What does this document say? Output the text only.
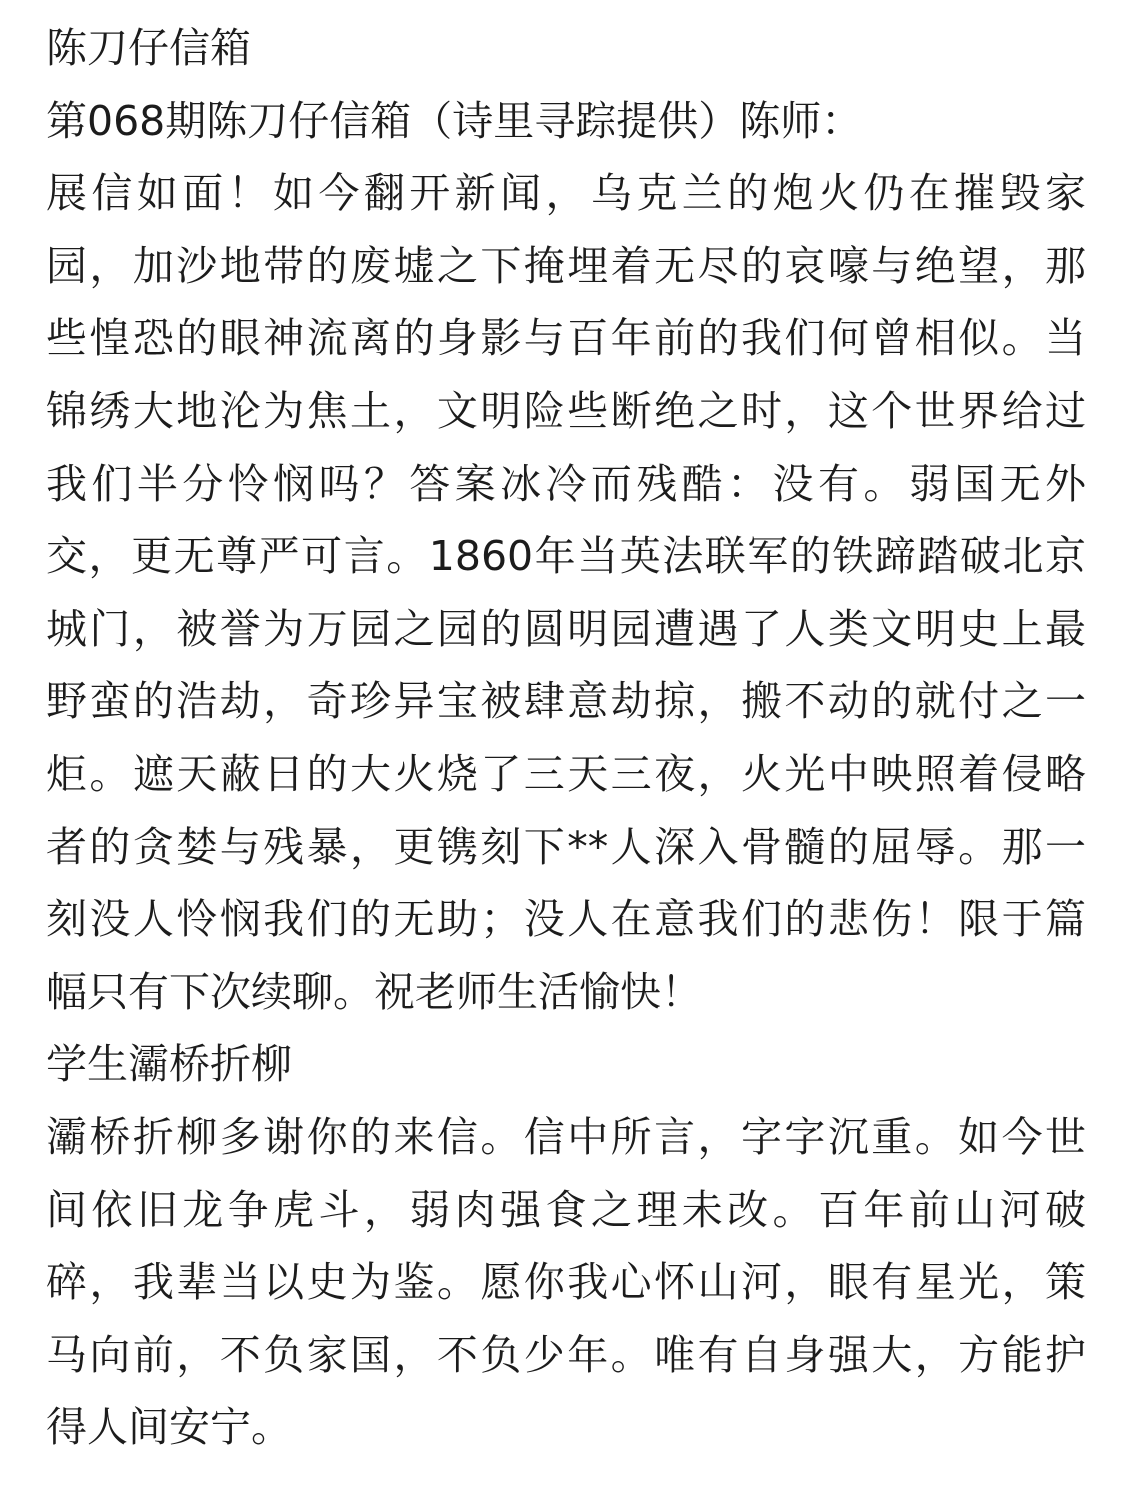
陈刀仔信箱
第068期陈刀仔信箱（诗里寻踪提供）陈师：
展信如面！如今翻开新闻，乌克兰的炮火仍在摧毁家
园，加沙地带的废墟之下掩埋着无尽的哀嚎与绝望，那
些惶恐的眼神流离的身影与百年前的我们何曾相似。当
锦绣大地沦为焦土，文明险些断绝之时，这个世界给过
我们半分怜悯吗？答案冰冷而残酷：没有。弱国无外
交，更无尊严可言。1860年当英法联军的铁蹄踏破北京
城门，被誉为万园之园的圆明园遭遇了人类文明史上最
野蛮的浩劫，奇珍异宝被肆意劫掠，搬不动的就付之一
炬。遮天蔽日的大火烧了三天三夜，火光中映照着侵略
者的贪婪与残暴，更镌刻下**人深入骨髓的屈辱。那一
刻没人怜悯我们的无助；没人在意我们的悲伤！限于篇
幅只有下次续聊。祝老师生活愉快！
学生灞桥折柳
灞桥折柳多谢你的来信。信中所言，字字沉重。如今世
间依旧龙争虎斗，弱肉强食之理未改。百年前山河破
碎，我辈当以史为鉴。愿你我心怀山河，眼有星光，策
马向前，不负家国，不负少年。唯有自身强大，方能护
得人间安宁。
